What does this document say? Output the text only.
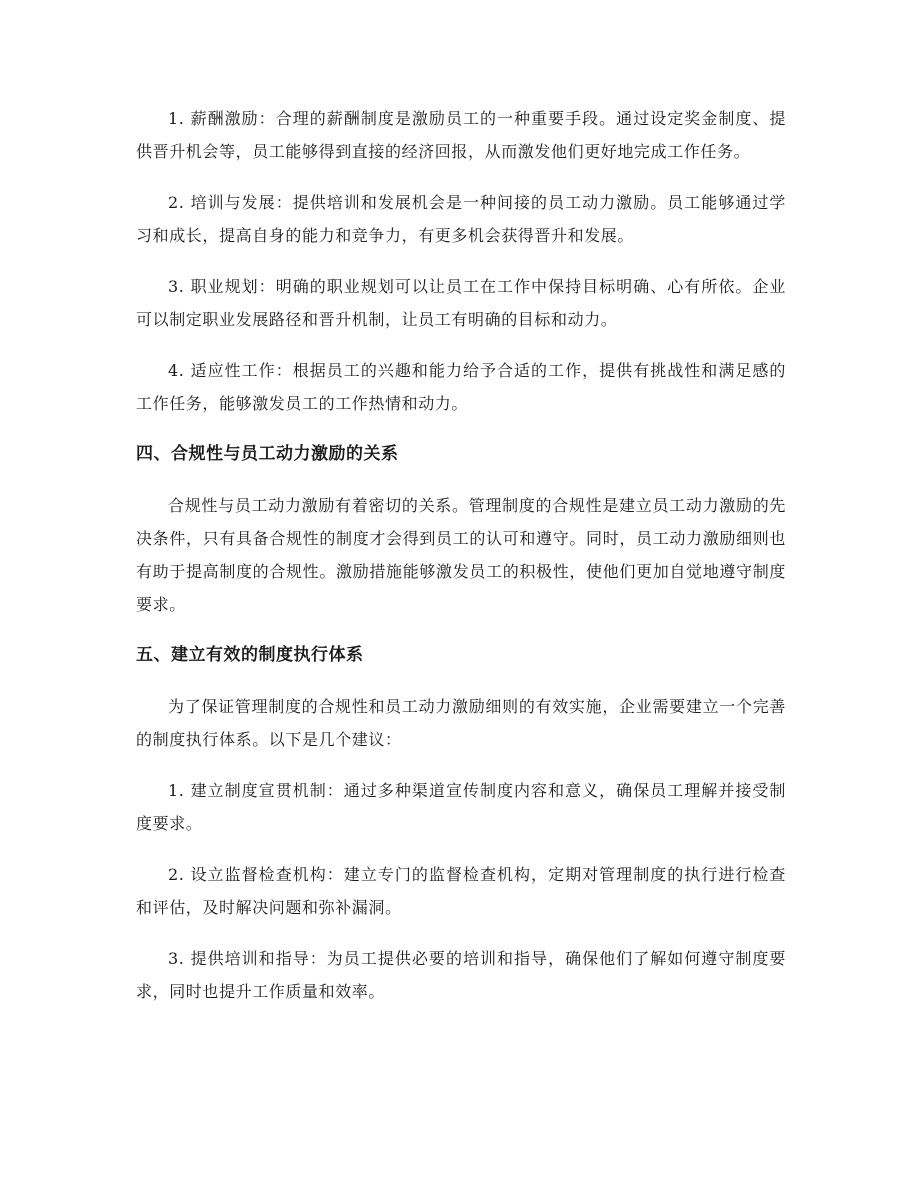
1. 薪酬激励：合理的薪酬制度是激励员工的一种重要手段。通过设定奖金制度、提供晋升机会等，员工能够得到直接的经济回报，从而激发他们更好地完成工作任务。

2. 培训与发展：提供培训和发展机会是一种间接的员工动力激励。员工能够通过学习和成长，提高自身的能力和竞争力，有更多机会获得晋升和发展。

3. 职业规划：明确的职业规划可以让员工在工作中保持目标明确、心有所依。企业可以制定职业发展路径和晋升机制，让员工有明确的目标和动力。

4. 适应性工作：根据员工的兴趣和能力给予合适的工作，提供有挑战性和满足感的工作任务，能够激发员工的工作热情和动力。

四、合规性与员工动力激励的关系

合规性与员工动力激励有着密切的关系。管理制度的合规性是建立员工动力激励的先决条件，只有具备合规性的制度才会得到员工的认可和遵守。同时，员工动力激励细则也有助于提高制度的合规性。激励措施能够激发员工的积极性，使他们更加自觉地遵守制度要求。

五、建立有效的制度执行体系

为了保证管理制度的合规性和员工动力激励细则的有效实施，企业需要建立一个完善的制度执行体系。以下是几个建议：

1. 建立制度宣贯机制：通过多种渠道宣传制度内容和意义，确保员工理解并接受制度要求。

2. 设立监督检查机构：建立专门的监督检查机构，定期对管理制度的执行进行检查和评估，及时解决问题和弥补漏洞。

3. 提供培训和指导：为员工提供必要的培训和指导，确保他们了解如何遵守制度要求，同时也提升工作质量和效率。
